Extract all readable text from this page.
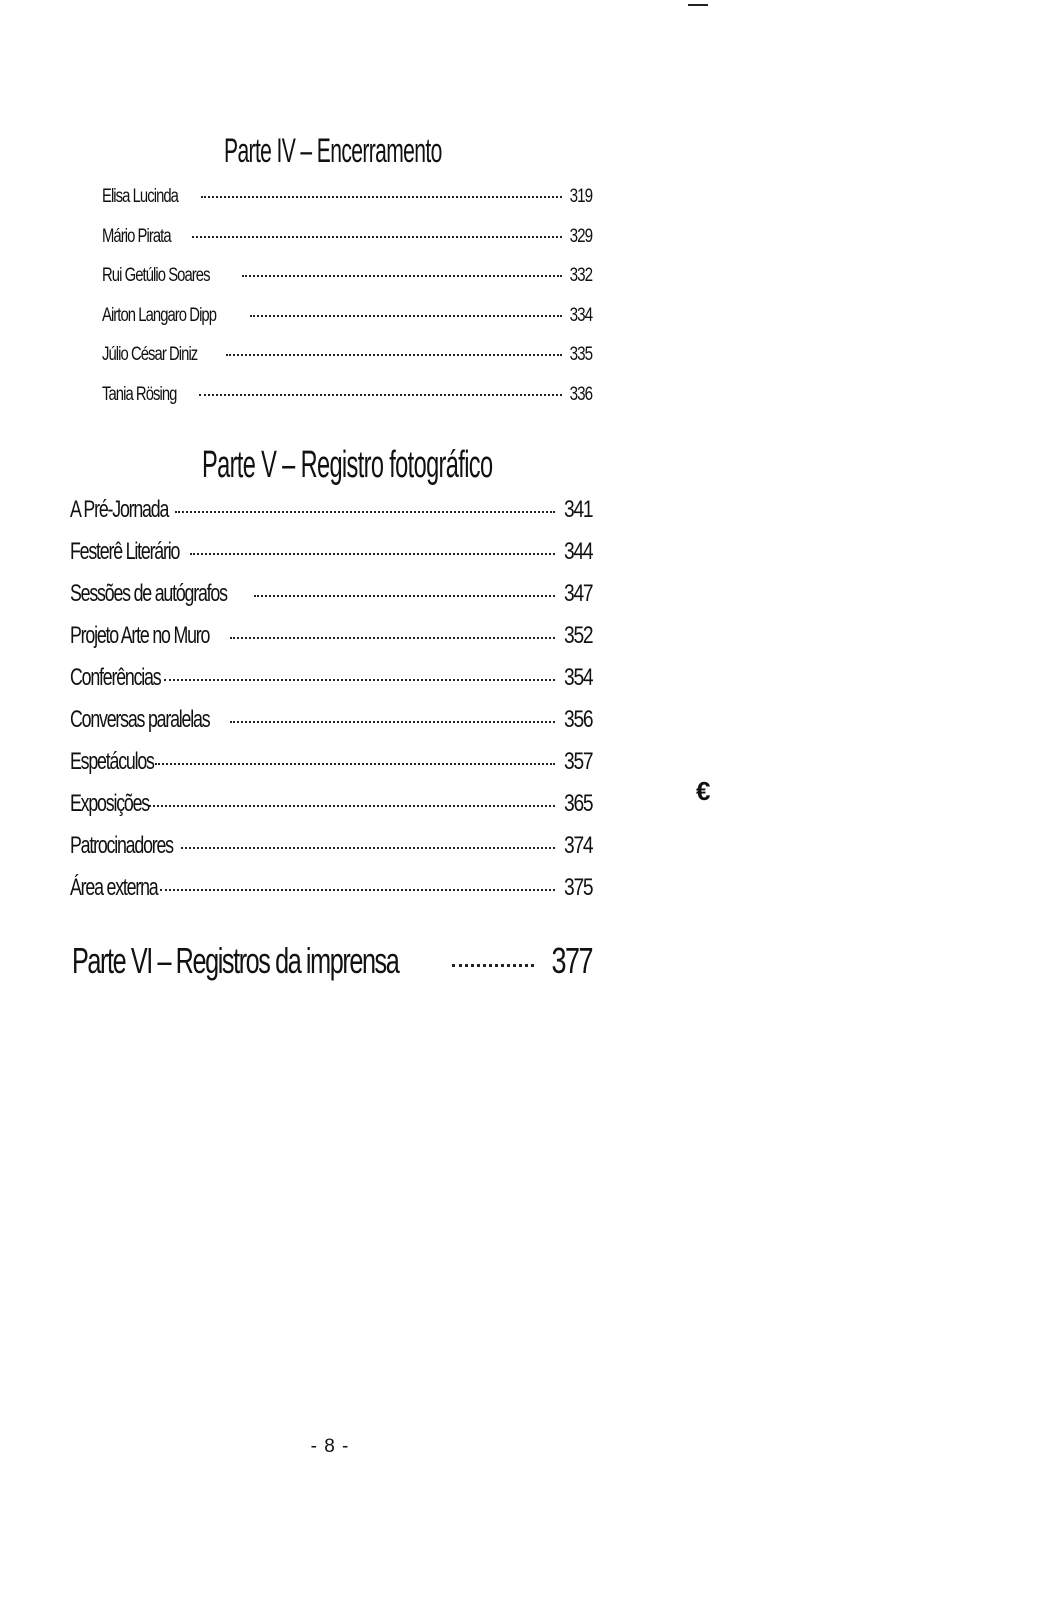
€
Parte IV – Encerramento
Elisa Lucinda	319
Mário Pirata	329
Rui Getúlio Soares	332
Airton Langaro Dipp	334
Júlio César Diniz	335
Tania Rösing	336
Parte V – Registro fotográfico
A Pré-Jornada	341
Festerê Literário	344
Sessões de autógrafos	347
Projeto Arte no Muro	352
Conferências	354
Conversas paralelas	356
Espetáculos	357
Exposições	365
Patrocinadores	374
Área externa	375
Parte VI – Registros da imprensa	377
- 8 -
